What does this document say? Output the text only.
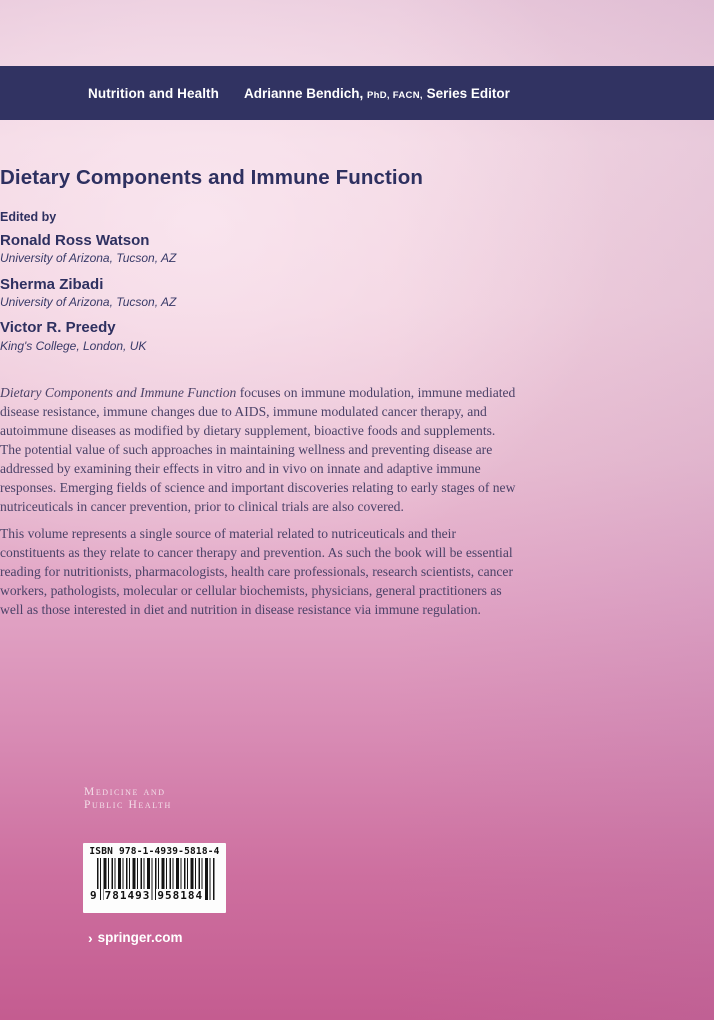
Nutrition and Health Adrianne Bendich, PhD, FACN, Series Editor
Dietary Components and Immune Function
Edited by
Ronald Ross Watson
University of Arizona, Tucson, AZ
Sherma Zibadi
University of Arizona, Tucson, AZ
Victor R. Preedy
King's College, London, UK

Dietary Components and Immune Function focuses on immune modulation, immune mediated disease resistance, immune changes due to AIDS, immune modulated cancer therapy, and autoimmune diseases as modified by dietary supplement, bioactive foods and supplements. The potential value of such approaches in maintaining wellness and preventing disease are addressed by examining their effects in vitro and in vivo on innate and adaptive immune responses. Emerging fields of science and important discoveries relating to early stages of new nutriceuticals in cancer prevention, prior to clinical trials are also covered.

This volume represents a single source of material related to nutriceuticals and their constituents as they relate to cancer therapy and prevention. As such the book will be essential reading for nutritionists, pharmacologists, health care professionals, research scientists, cancer workers, pathologists, molecular or cellular biochemists, physicians, general practitioners as well as those interested in diet and nutrition in disease resistance via immune regulation.

Medicine and
Public Health
ISBN 978-1-4939-5818-4
9 781493 958184
› springer.com
